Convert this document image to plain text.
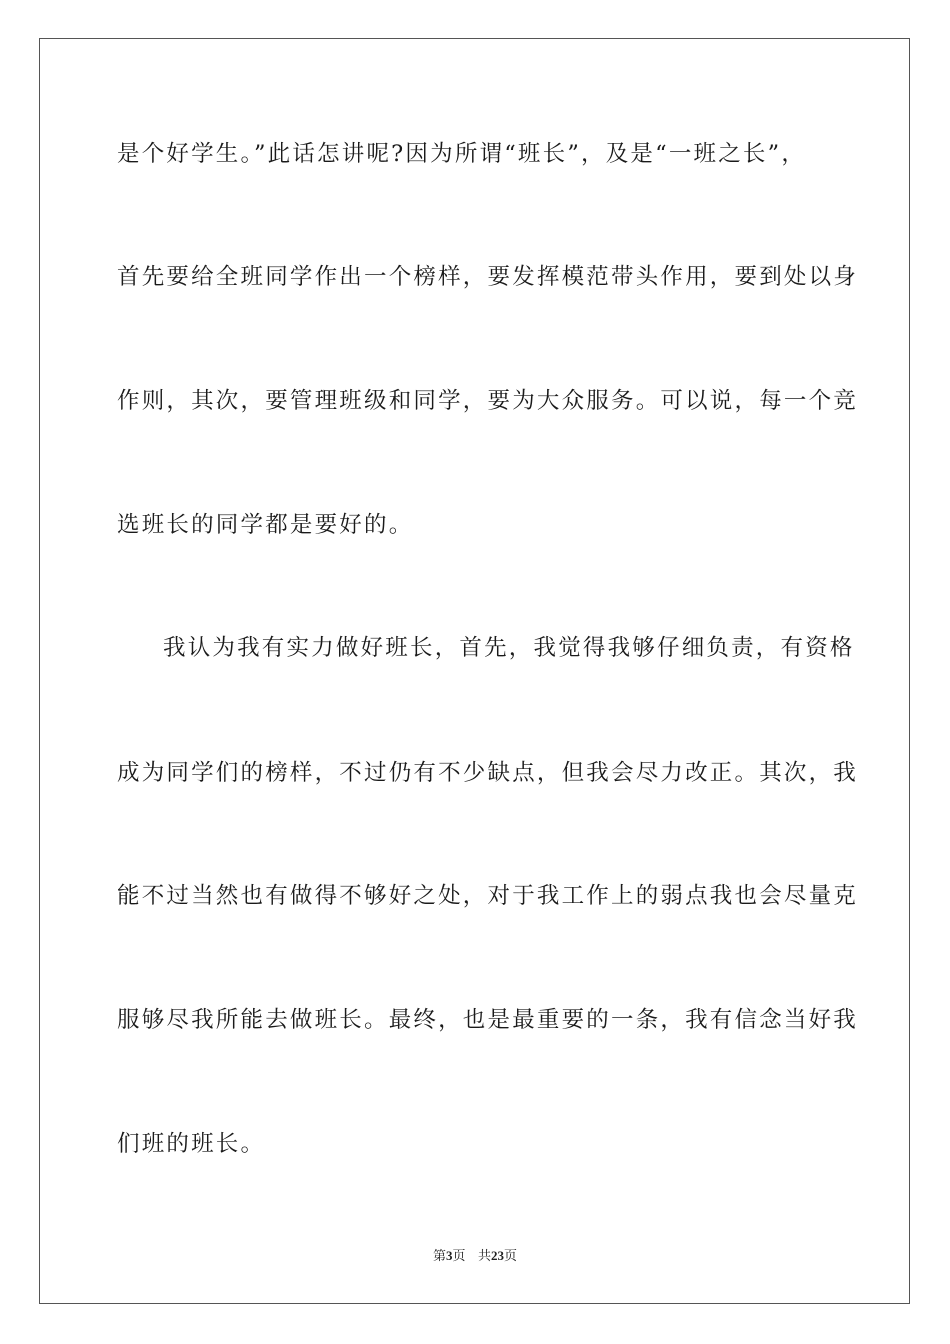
是个好学生。”此话怎讲呢?因为所谓“班长”，及是“一班之长”，
首先要给全班同学作出一个榜样，要发挥模范带头作用，要到处以身
作则，其次，要管理班级和同学，要为大众服务。可以说，每一个竞
选班长的同学都是要好的。
我认为我有实力做好班长，首先，我觉得我够仔细负责，有资格
成为同学们的榜样，不过仍有不少缺点，但我会尽力改正。其次，我
能不过当然也有做得不够好之处，对于我工作上的弱点我也会尽量克
服够尽我所能去做班长。最终，也是最重要的一条，我有信念当好我
们班的班长。
第3页 共23页
